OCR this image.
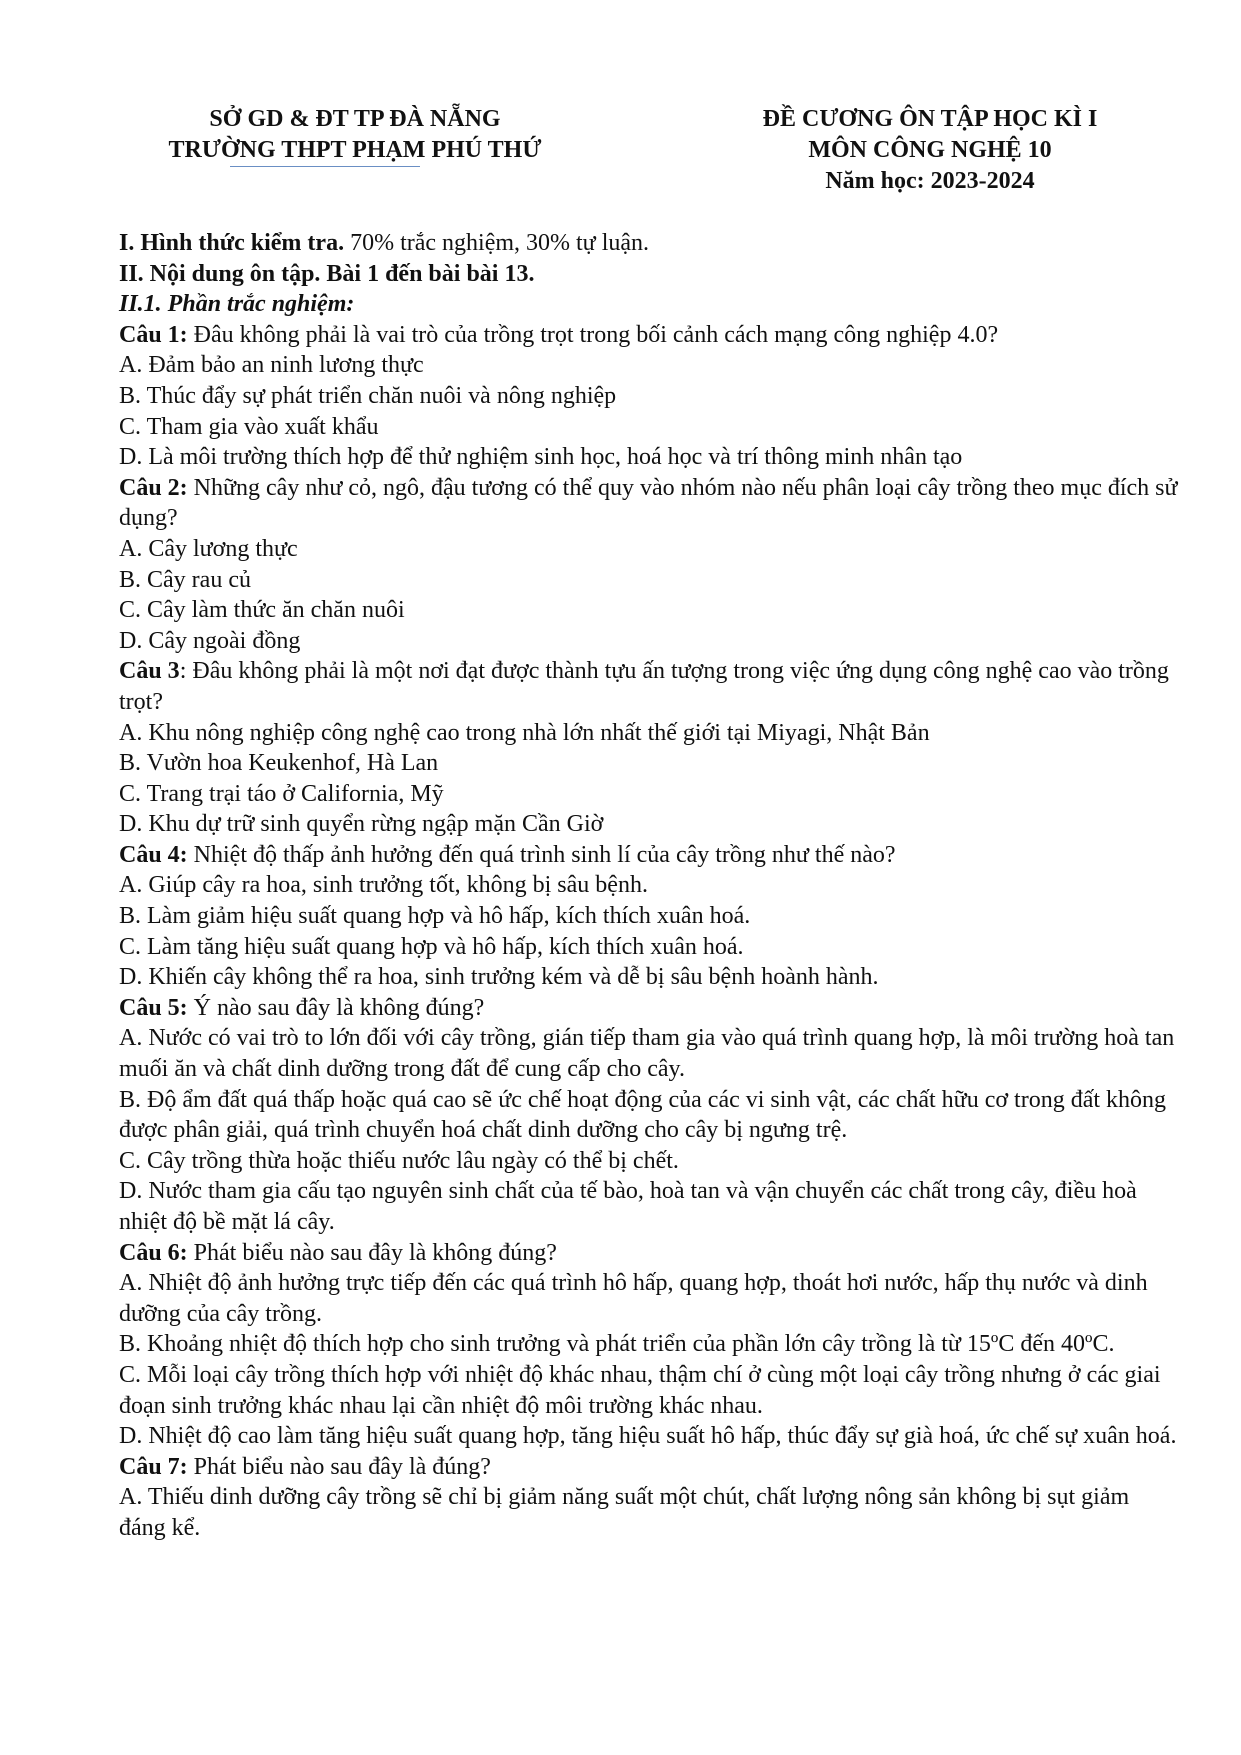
SỞ GD & ĐT TP ĐÀ NẴNG
TRƯỜNG THPT PHẠM PHÚ THỨ
ĐỀ CƯƠNG ÔN TẬP HỌC KÌ I
MÔN CÔNG NGHỆ 10
Năm học: 2023-2024

I. Hình thức kiểm tra. 70% trắc nghiệm, 30% tự luận.

II. Nội dung ôn tập. Bài 1 đến bài bài 13.

II.1. Phần trắc nghiệm:

Câu 1: Đâu không phải là vai trò của trồng trọt trong bối cảnh cách mạng công nghiệp 4.0?

A. Đảm bảo an ninh lương thực

B. Thúc đẩy sự phát triển chăn nuôi và nông nghiệp

C. Tham gia vào xuất khẩu

D. Là môi trường thích hợp để thử nghiệm sinh học, hoá học và trí thông minh nhân tạo

Câu 2: Những cây như cỏ, ngô, đậu tương có thể quy vào nhóm nào nếu phân loại cây trồng theo mục đích sử dụng?

A. Cây lương thực

B. Cây rau củ

C. Cây làm thức ăn chăn nuôi

D. Cây ngoài đồng

Câu 3: Đâu không phải là một nơi đạt được thành tựu ấn tượng trong việc ứng dụng công nghệ cao vào trồng trọt?

A. Khu nông nghiệp công nghệ cao trong nhà lớn nhất thế giới tại Miyagi, Nhật Bản

B. Vườn hoa Keukenhof, Hà Lan

C. Trang trại táo ở California, Mỹ

D. Khu dự trữ sinh quyển rừng ngập mặn Cần Giờ

Câu 4: Nhiệt độ thấp ảnh hưởng đến quá trình sinh lí của cây trồng như thế nào?

A. Giúp cây ra hoa, sinh trưởng tốt, không bị sâu bệnh.

B. Làm giảm hiệu suất quang hợp và hô hấp, kích thích xuân hoá.

C. Làm tăng hiệu suất quang hợp và hô hấp, kích thích xuân hoá.

D. Khiến cây không thể ra hoa, sinh trưởng kém và dễ bị sâu bệnh hoành hành.

Câu 5: Ý nào sau đây là không đúng?

A. Nước có vai trò to lớn đối với cây trồng, gián tiếp tham gia vào quá trình quang hợp, là môi trường hoà tan muối ăn và chất dinh dưỡng trong đất để cung cấp cho cây.

B. Độ ẩm đất quá thấp hoặc quá cao sẽ ức chế hoạt động của các vi sinh vật, các chất hữu cơ trong đất không được phân giải, quá trình chuyển hoá chất dinh dưỡng cho cây bị ngưng trệ.

C. Cây trồng thừa hoặc thiếu nước lâu ngày có thể bị chết.

D. Nước tham gia cấu tạo nguyên sinh chất của tế bào, hoà tan và vận chuyển các chất trong cây, điều hoà nhiệt độ bề mặt lá cây.

Câu 6: Phát biểu nào sau đây là không đúng?

A. Nhiệt độ ảnh hưởng trực tiếp đến các quá trình hô hấp, quang hợp, thoát hơi nước, hấp thụ nước và dinh dưỡng của cây trồng.

B. Khoảng nhiệt độ thích hợp cho sinh trưởng và phát triển của phần lớn cây trồng là từ 15ºC đến 40ºC.

C. Mỗi loại cây trồng thích hợp với nhiệt độ khác nhau, thậm chí ở cùng một loại cây trồng nhưng ở các giai đoạn sinh trưởng khác nhau lại cần nhiệt độ môi trường khác nhau.

D. Nhiệt độ cao làm tăng hiệu suất quang hợp, tăng hiệu suất hô hấp, thúc đẩy sự già hoá, ức chế sự xuân hoá.

Câu 7: Phát biểu nào sau đây là đúng?

A. Thiếu dinh dưỡng cây trồng sẽ chỉ bị giảm năng suất một chút, chất lượng nông sản không bị sụt giảm đáng kể.
